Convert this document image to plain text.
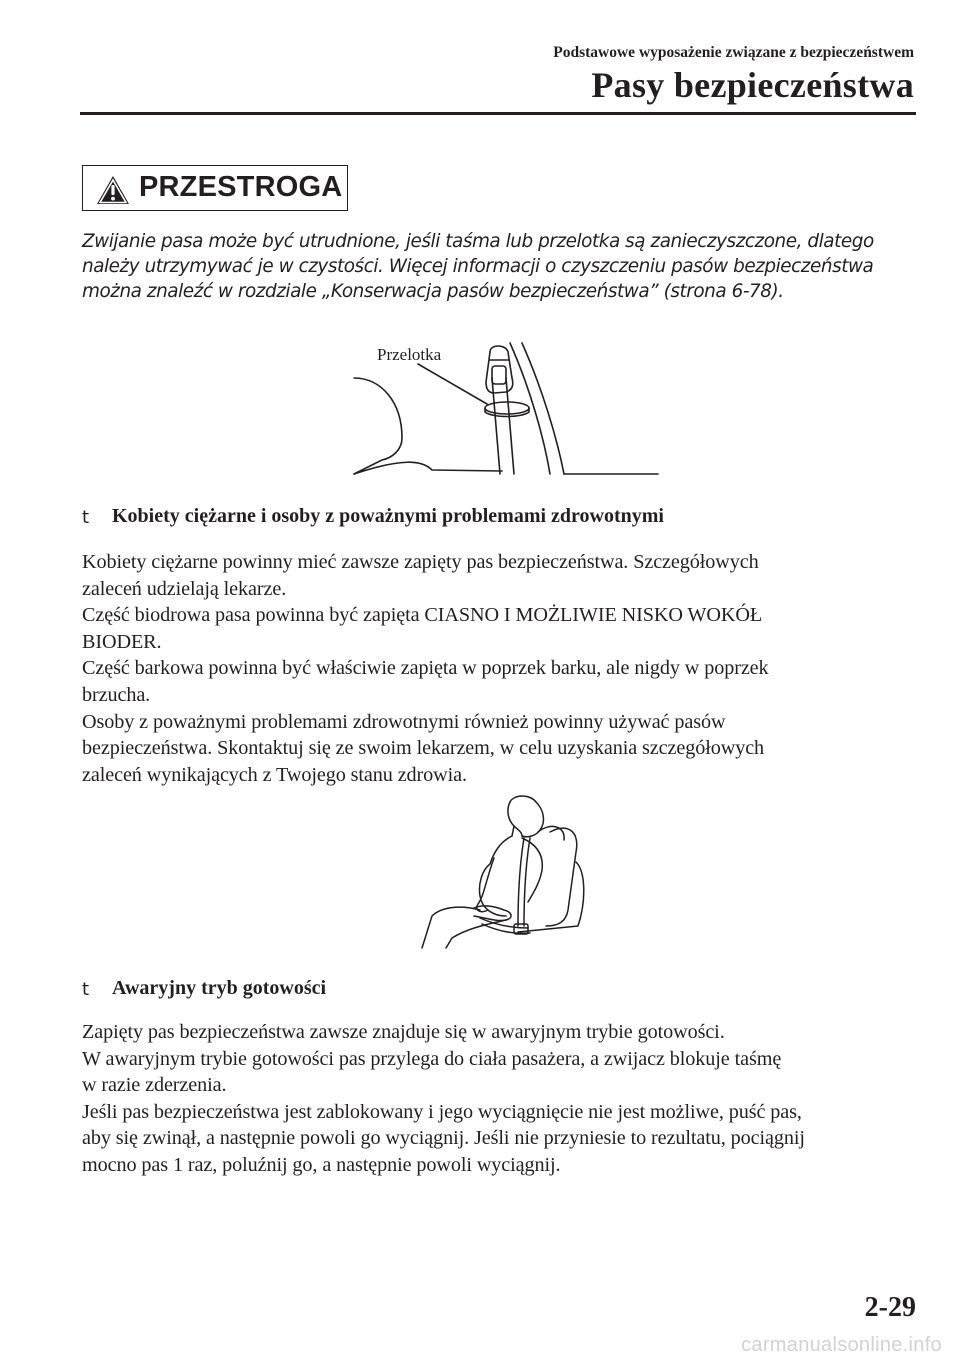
Podstawowe wyposażenie związane z bezpieczeństwem
Pasy bezpieczeństwa
PRZESTROGA
Zwijanie pasa może być utrudnione, jeśli taśma lub przelotka są zanieczyszczone, dlatego
należy utrzymywać je w czystości. Więcej informacji o czyszczeniu pasów bezpieczeństwa
można znaleźć w rozdziale „Konserwacja pasów bezpieczeństwa” (strona 6-78).
Przelotka
t Kobiety ciężarne i osoby z poważnymi problemami zdrowotnymi
Kobiety ciężarne powinny mieć zawsze zapięty pas bezpieczeństwa. Szczegółowych
zaleceń udzielają lekarze.
Część biodrowa pasa powinna być zapięta CIASNO I MOŻLIWIE NISKO WOKÓŁ
BIODER.
Część barkowa powinna być właściwie zapięta w poprzek barku, ale nigdy w poprzek
brzucha.
Osoby z poważnymi problemami zdrowotnymi również powinny używać pasów
bezpieczeństwa. Skontaktuj się ze swoim lekarzem, w celu uzyskania szczegółowych
zaleceń wynikających z Twojego stanu zdrowia.
t Awaryjny tryb gotowości
Zapięty pas bezpieczeństwa zawsze znajduje się w awaryjnym trybie gotowości.
W awaryjnym trybie gotowości pas przylega do ciała pasażera, a zwijacz blokuje taśmę
w razie zderzenia.
Jeśli pas bezpieczeństwa jest zablokowany i jego wyciągnięcie nie jest możliwe, puść pas,
aby się zwinął, a następnie powoli go wyciągnij. Jeśli nie przyniesie to rezultatu, pociągnij
mocno pas 1 raz, poluźnij go, a następnie powoli wyciągnij.
2-29
carmanualsonline.info
